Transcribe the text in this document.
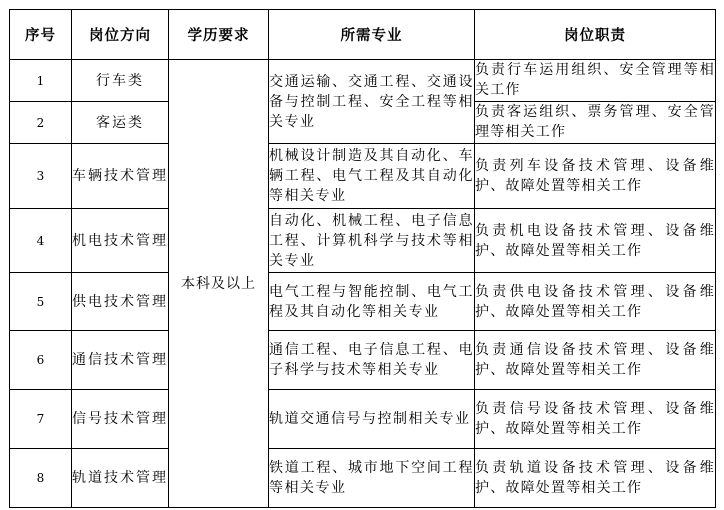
序号	岗位方向	学历要求	所需专业	岗位职责
1	行车类	本科及以上	交通运输、交通工程、交通设备与控制工程、安全工程等相关专业	负责行车运用组织、安全管理等相关工作
2	客运类			负责客运组织、票务管理、安全管理等相关工作
3	车辆技术管理		机械设计制造及其自动化、车辆工程、电气工程及其自动化等相关专业	负责列车设备技术管理、设备维护、故障处置等相关工作
4	机电技术管理		自动化、机械工程、电子信息工程、计算机科学与技术等相关专业	负责机电设备技术管理、设备维护、故障处置等相关工作
5	供电技术管理		电气工程与智能控制、电气工程及其自动化等相关专业	负责供电设备技术管理、设备维护、故障处置等相关工作
6	通信技术管理		通信工程、电子信息工程、电子科学与技术等相关专业	负责通信设备技术管理、设备维护、故障处置等相关工作
7	信号技术管理		轨道交通信号与控制相关专业	负责信号设备技术管理、设备维护、故障处置等相关工作
8	轨道技术管理		铁道工程、城市地下空间工程等相关专业	负责轨道设备技术管理、设备维护、故障处置等相关工作
